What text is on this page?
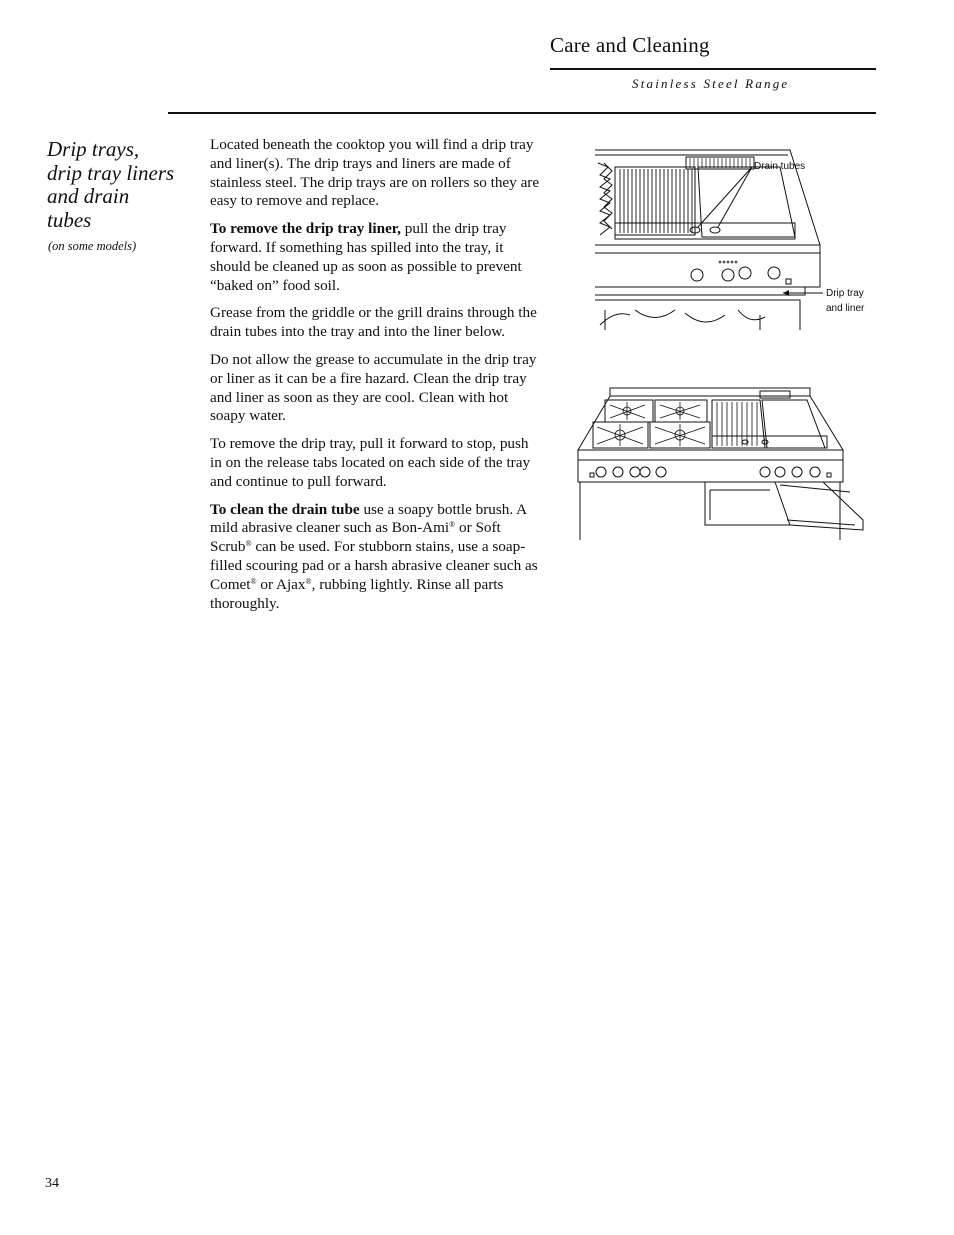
Care and Cleaning
Stainless Steel Range
Drip trays, drip tray liners and drain tubes
(on some models)

Located beneath the cooktop you will find a drip tray and liner(s). The drip trays and liners are made of stainless steel. The drip trays are on rollers so they are easy to remove and replace.

To remove the drip tray liner, pull the drip tray forward. If something has spilled into the tray, it should be cleaned up as soon as possible to prevent “baked on” food soil.

Grease from the griddle or the grill drains through the drain tubes into the tray and into the liner below.

Do not allow the grease to accumulate in the drip tray or liner as it can be a fire hazard. Clean the drip tray and liner as soon as they are cool. Clean with hot soapy water.

To remove the drip tray, pull it forward to stop, push in on the release tabs located on each side of the tray and continue to pull forward.

To clean the drain tube use a soapy bottle brush. A mild abrasive cleaner such as Bon-Ami® or Soft Scrub® can be used. For stubborn stains, use a soap-filled scouring pad or a harsh abrasive cleaner such as Comet® or Ajax®, rubbing lightly. Rinse all parts thoroughly.

Drain tubes
Drip tray and liner
34
